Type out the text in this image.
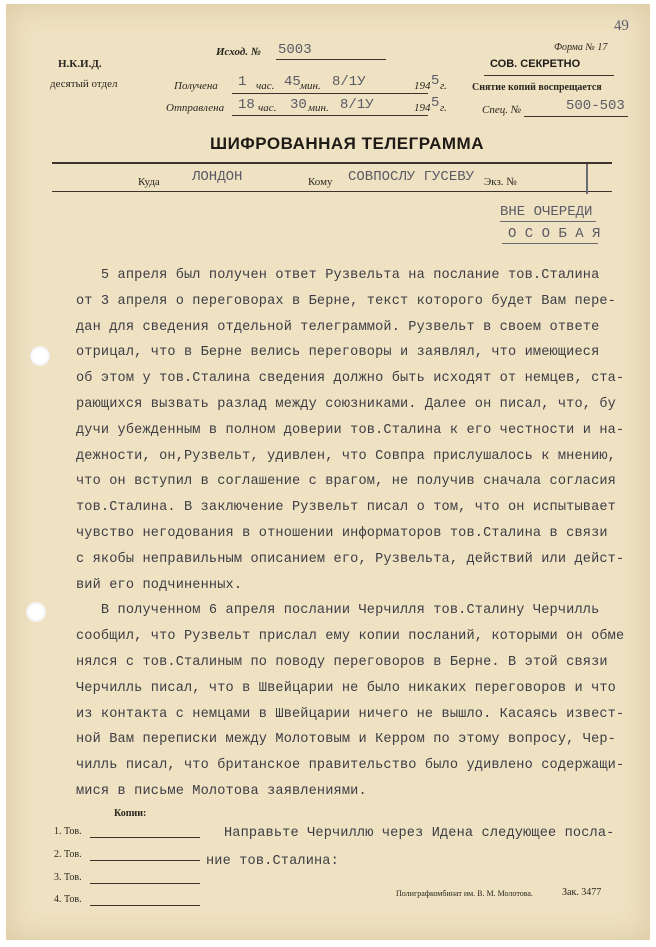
Н.К.И.Д.
десятый отдел
Исход. № 5003	Форма № 17
СОВ. СЕКРЕТНО
Снятие копий воспрещается
49
Получена 1 час. 45 мин. 8/1У	194 5 г.
Отправлена 18 час. 30 мин. 8/1У	194 5 г.	Спец. №	500-503
ШИФРОВАННАЯ ТЕЛЕГРАММА
Куда ЛОНДОН	Кому СОВПОСЛУ ГУСЕВУ Экз. №
ВНЕ ОЧЕРЕДИ
О С О Б А Я
5 апреля был получен ответ Рузвельта на послание тов.Сталина
от 3 апреля о переговорах в Берне, текст которого будет Вам пере-
дан для сведения отдельной телеграммой. Рузвельт в своем ответе
отрицал, что в Берне велись переговоры и заявлял, что имеющиеся
об этом у тов.Сталина сведения должно быть исходят от немцев, ста-
рающихся вызвать разлад между союзниками. Далее он писал, что, бу
дучи убежденным в полном доверии тов.Сталина к его честности и на-
дежности, он,Рузвельт, удивлен, что Совпра прислушалось к мнению,
что он вступил в соглашение с врагом, не получив сначала согласия
тов.Сталина. В заключение Рузвельт писал о том, что он испытывает
чувство негодования в отношении информаторов тов.Сталина в связи
с якобы неправильным описанием его, Рузвельта, действий или дейст-
вий его подчиненных.
В полученном 6 апреля послании Черчилля тов.Сталину Черчилль
сообщил, что Рузвельт прислал ему копии посланий, которыми он обме
нялся с тов.Сталиным по поводу переговоров в Берне. В этой связи
Черчилль писал, что в Швейцарии не было никаких переговоров и что
из контакта с немцами в Швейцарии ничего не вышло. Касаясь извест-
ной Вам переписки между Молотовым и Керром по этому вопросу, Чер-
чилль писал, что британское правительство было удивлено содержащи-
мися в письме Молотова заявлениями.
Копии:
1. Тов.
2. Тов.
3. Тов.
4. Тов.
Направьте Черчиллю через Идена следующее посла-
ние тов.Сталина:
Полиграфкомбинат им. В. М. Молотова.	Зак. 3477
